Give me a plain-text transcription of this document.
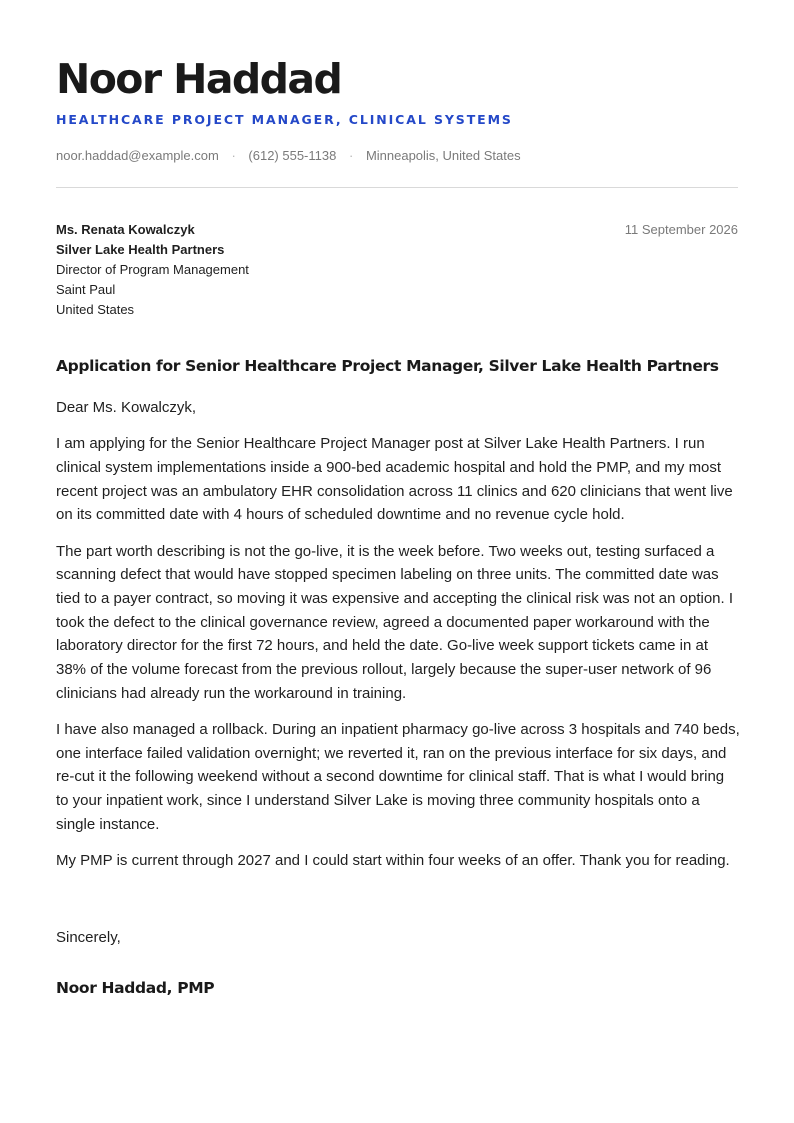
Noor Haddad
HEALTHCARE PROJECT MANAGER, CLINICAL SYSTEMS
noor.haddad@example.com · (612) 555-1138 · Minneapolis, United States
Ms. Renata Kowalczyk
Silver Lake Health Partners
Director of Program Management
Saint Paul
United States
11 September 2026
Application for Senior Healthcare Project Manager, Silver Lake Health Partners

Dear Ms. Kowalczyk,

I am applying for the Senior Healthcare Project Manager post at Silver Lake Health Partners. I run clinical system implementations inside a 900-bed academic hospital and hold the PMP, and my most recent project was an ambulatory EHR consolidation across 11 clinics and 620 clinicians that went live on its committed date with 4 hours of scheduled downtime and no revenue cycle hold.

The part worth describing is not the go-live, it is the week before. Two weeks out, testing surfaced a scanning defect that would have stopped specimen labeling on three units. The committed date was tied to a payer contract, so moving it was expensive and accepting the clinical risk was not an option. I took the defect to the clinical governance review, agreed a documented paper workaround with the laboratory director for the first 72 hours, and held the date. Go-live week support tickets came in at 38% of the volume forecast from the previous rollout, largely because the super-user network of 96 clinicians had already run the workaround in training.

I have also managed a rollback. During an inpatient pharmacy go-live across 3 hospitals and 740 beds, one interface failed validation overnight; we reverted it, ran on the previous interface for six days, and re-cut it the following weekend without a second downtime for clinical staff. That is what I would bring to your inpatient work, since I understand Silver Lake is moving three community hospitals onto a single instance.

My PMP is current through 2027 and I could start within four weeks of an offer. Thank you for reading.

Sincerely,
Noor Haddad, PMP
